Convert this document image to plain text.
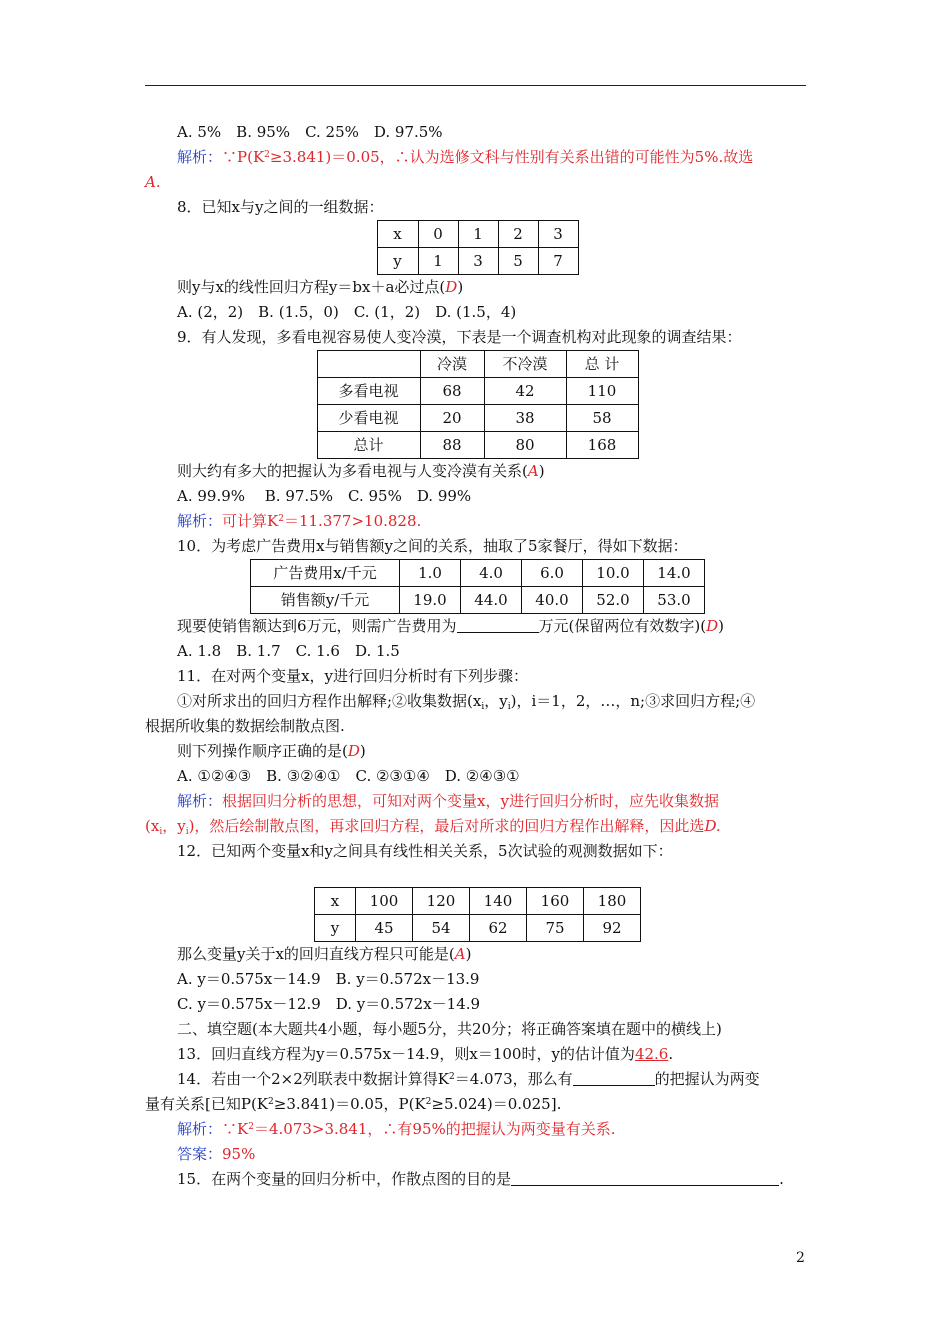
A. 5%　B. 95%　C. 25%　D. 97.5%
解析：$\because P(K^2\ge 3.841)=0.05$，∴认为选修文科与性别有关系出错的可能性为5%.故选
A.
8．已知x与y之间的一组数据：
x	0	1	2	3
y	1	3	5	7
则y与x的线性回归方程y＝bx＋a必过点(D)
A. (2，2)　B. (1.5，0)　C. (1，2)　D. (1.5，4)
9．有人发现，多看电视容易使人变冷漠，下表是一个调查机构对此现象的调查结果：
	冷漠	不冷漠	总 计
多看电视	68	42	110
少看电视	20	38	58
总计	88	80	168
则大约有多大的把握认为多看电视与人变冷漠有关系(A)
A. 99.9%　 B. 97.5%　C. 95%　D. 99%
解析：可计算$K^2=11.377>10.828$.
10．为考虑广告费用x与销售额y之间的关系，抽取了5家餐厅，得如下数据：
广告费用x/千元	1.0	4.0	6.0	10.0	14.0
销售额y/千元	19.0	44.0	40.0	52.0	53.0
现要使销售额达到6万元，则需广告费用为	万元(保留两位有效数字)(D)
A. 1.8　B. 1.7　C. 1.6　D. 1.5
11．在对两个变量x，y进行回归分析时有下列步骤：
①对所求出的回归方程作出解释;②收集数据($x_i$，$y_i$)，i＝1，2，…，n;③求回归方程;④
根据所收集的数据绘制散点图.
则下列操作顺序正确的是(D)
A. ①②④③　B. ③②④①　C. ②③①④　D. ②④③①
解析：根据回归分析的思想，可知对两个变量x，y进行回归分析时，应先收集数据
($x_i$，$y_i$)，然后绘制散点图，再求回归方程，最后对所求的回归方程作出解释，因此选D.
12．已知两个变量x和y之间具有线性相关关系，5次试验的观测数据如下：
x	100	120	140	160	180
y	45	54	62	75	92
那么变量y关于x的回归直线方程只可能是(A)
A. y＝0.575x－14.9　B. y＝0.572x－13.9
C. y＝0.575x－12.9　D. y＝0.572x－14.9
二、填空题(本大题共4小题，每小题5分，共20分；将正确答案填在题中的横线上)
13．回归直线方程为y＝0.575x－14.9，则x＝100时，y的估计值为42.6.
14．若由一个2×2列联表中数据计算得$K^2=4.073$，那么有	的把握认为两变
量有关系[已知$P(K^2\ge 3.841)=0.05$，$P(K^2\ge 5.024)=0.025$].
解析：$\because K^2=4.073>3.841$，∴有95%的把握认为两变量有关系.
答案：95%
15．在两个变量的回归分析中，作散点图的目的是	.
2
